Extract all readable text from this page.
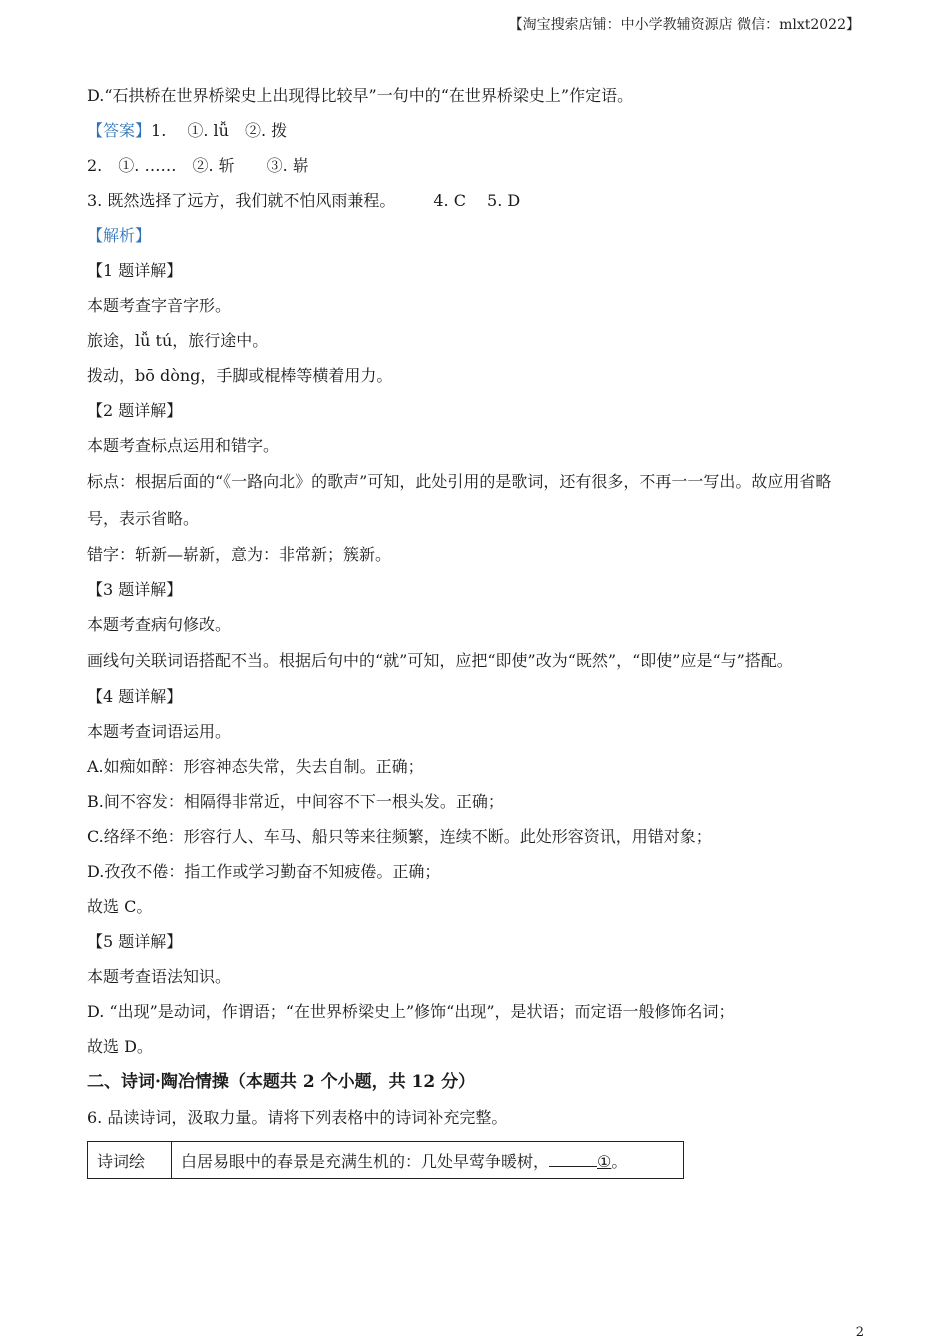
【淘宝搜索店铺：中小学教辅资源店 微信：mlxt2022】
D.“石拱桥在世界桥梁史上出现得比较早”一句中的“在世界桥梁史上”作定语。
【答案】1.　 ①. lǚ　②. 拨
2.　①. ……　②. 斩　　③. 崭
3. 既然选择了远方，我们就不怕风雨兼程。 4. C　 5. D
【解析】
【1 题详解】
本题考查字音字形。
旅途，lǚ tú，旅行途中。
拨动，bō dòng，手脚或棍棒等横着用力。
【2 题详解】
本题考查标点运用和错字。
标点：根据后面的“《一路向北》的歌声”可知，此处引用的是歌词，还有很多，不再一一写出。故应用省略号，表示省略。
错字：斩新—崭新，意为：非常新；簇新。
【3 题详解】
本题考查病句修改。
画线句关联词语搭配不当。根据后句中的“就”可知，应把“即使”改为“既然”，“即使”应是“与”搭配。
【4 题详解】
本题考查词语运用。
A.如痴如醉：形容神态失常，失去自制。正确；
B.间不容发：相隔得非常近，中间容不下一根头发。正确；
C.络绎不绝：形容行人、车马、船只等来往频繁，连续不断。此处形容资讯，用错对象；
D.孜孜不倦：指工作或学习勤奋不知疲倦。正确；
故选 C。
【5 题详解】
本题考查语法知识。
D. “出现”是动词，作谓语；“在世界桥梁史上”修饰“出现”，是状语；而定语一般修饰名词；
故选 D。
二、诗词·陶冶情操（本题共 2 个小题，共 12 分）
6. 品读诗词，汲取力量。请将下列表格中的诗词补充完整。
诗词绘	白居易眼中的春景是充满生机的：几处早莺争暖树，	①。
2
